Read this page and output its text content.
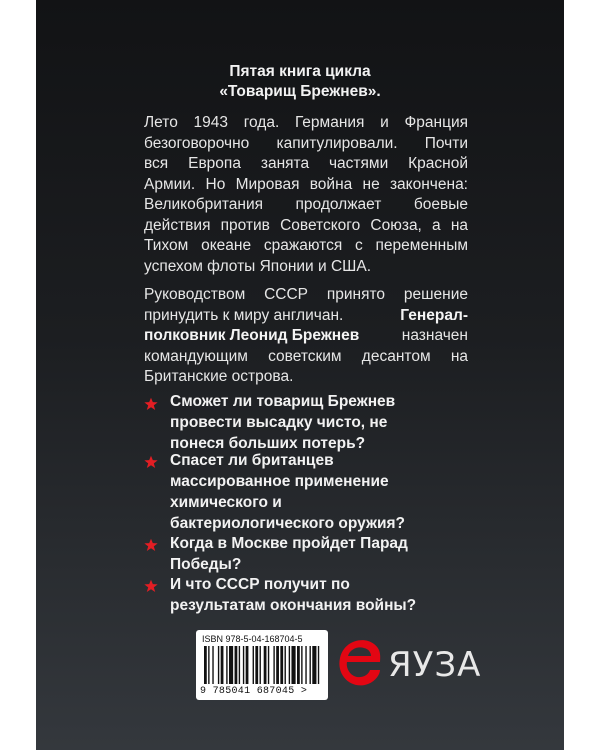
Пятая книга цикла
«Товарищ Брежнев».
Лето 1943 года. Германия и Франция
безоговорочно капитулировали. Почти
вся Европа занята частями Красной
Армии. Но Мировая война не закончена:
Великобритания продолжает боевые
действия против Советского Союза, а на
Тихом океане сражаются с переменным
успехом флоты Японии и США.
Руководством СССР принято решение
принудить к миру англичан.	Генерал-
полковник Леонид Брежнев	назначен
командующим советским десантом на
Британские острова.
Сможет ли товарищ Брежнев
провести высадку чисто, не
понеся больших потерь?
Спасет ли британцев
массированное применение
химического и
бактериологического оружия?
Когда в Москве пройдет Парад
Победы?
И что СССР получит по
результатам окончания войны?
ISBN 978-5-04-168704-5
9 785041 687045 >
ЯУЗА
